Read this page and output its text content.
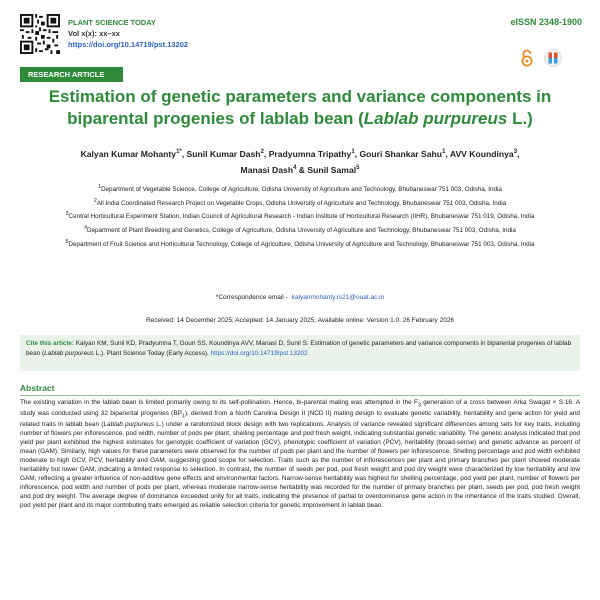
PLANT SCIENCE TODAY
Vol x(x): xx–xx
https://doi.org/10.14719/pst.13202
eISSN 2348-1900
RESEARCH ARTICLE
Estimation of genetic parameters and variance components in biparental progenies of lablab bean (Lablab purpureus L.)
Kalyan Kumar Mohanty$^{1*}$, Sunil Kumar Dash$^2$, Pradyumna Tripathy$^1$, Gouri Shankar Sahu$^1$, AVV Koundinya$^3$,
Manasi Dash$^4$ & Sunil Samal$^5$

$^1$Department of Vegetable Science, College of Agriculture, Odisha University of Agriculture and Technology, Bhubaneswar 751 003, Odisha, India

$^2$All India Coordinated Research Project on Vegetable Crops, Odisha University of Agriculture and Technology, Bhubaneswar 751 003, Odisha, India

$^3$Central Horticultural Experiment Station, Indian Council of Agricultural Research - Indian Institute of Horticultural Research (IIHR), Bhubaneswar 751 019, Odisha, India

$^4$Department of Plant Breeding and Genetics, College of Agriculture, Odisha University of Agriculture and Technology, Bhubaneswar 751 003, Odisha, India

$^5$Department of Fruit Science and Horticultural Technology, College of Agriculture, Odisha University of Agriculture and Technology, Bhubaneswar 751 003, Odisha, India

*Correspondence email - kalyanmohanty.rs21@ouat.ac.in
Received: 14 December 2025; Accepted: 14 January 2025; Available online: Version 1.0: 26 February 2026
Cite this article: Kalyan KM, Sunil KD, Pradyumna T, Gouri SS, Koundinya AVV, Manasi D, Sunil S. Estimation of genetic parameters and variance components in biparental progenies of lablab bean (Lablab purpureus L.). Plant Science Today (Early Access). https://doi.org/10.14719/pst.13202
Abstract
The existing variation in the lablab bean is limited primarily owing to its self-pollination. Hence, bi-parental mating was attempted in the $F_3$ generation of a cross between Arka Swagat × S.16. A study was conducted using 32 biparental progenies $(BP_1)$, derived from a North Carolina Design II (NCD II) mating design to evaluate genetic variability, heritability and gene action for yield and related traits in lablab bean (Lablab purpureus L.) under a randomized block design with two replications. Analysis of variance revealed significant differences among sets for key traits, including number of flowers per inflorescence, pod width, number of pods per plant, shelling percentage and pod fresh weight, indicating substantial genetic variability. The genetic analysis indicated that pod yield per plant exhibited the highest estimates for genotypic coefficient of variation (GCV), phenotypic coefficient of variation (PCV), heritability (broad-sense) and genetic advance as percent of mean (GAM). Similarly, high values for these parameters were observed for the number of pods per plant and the number of flowers per inflorescence. Shelling percentage and pod width exhibited moderate to high GCV, PCV, heritability and GAM, suggesting good scope for selection. Traits such as the number of inflorescences per plant and primary branches per plant showed moderate heritability but lower GAM, indicating a limited response to selection. In contrast, the number of seeds per pod, pod fresh weight and pod dry weight were characterized by low heritability and low GAM, reflecting a greater influence of non-additive gene effects and environmental factors. Narrow-sense heritability was highest for shelling percentage, pod yield per plant, number of flowers per inflorescence, pod width and number of pods per plant, whereas moderate narrow-sense heritability was recorded for the number of primary branches per plant, seeds per pod, pod fresh weight and pod dry weight. The average degree of dominance exceeded unity for all traits, indicating the presence of partial to overdominance gene action in the inheritance of the traits studied. Overall, pod yield per plant and its major contributing traits emerged as reliable selection criteria for genetic improvement in lablab bean.
